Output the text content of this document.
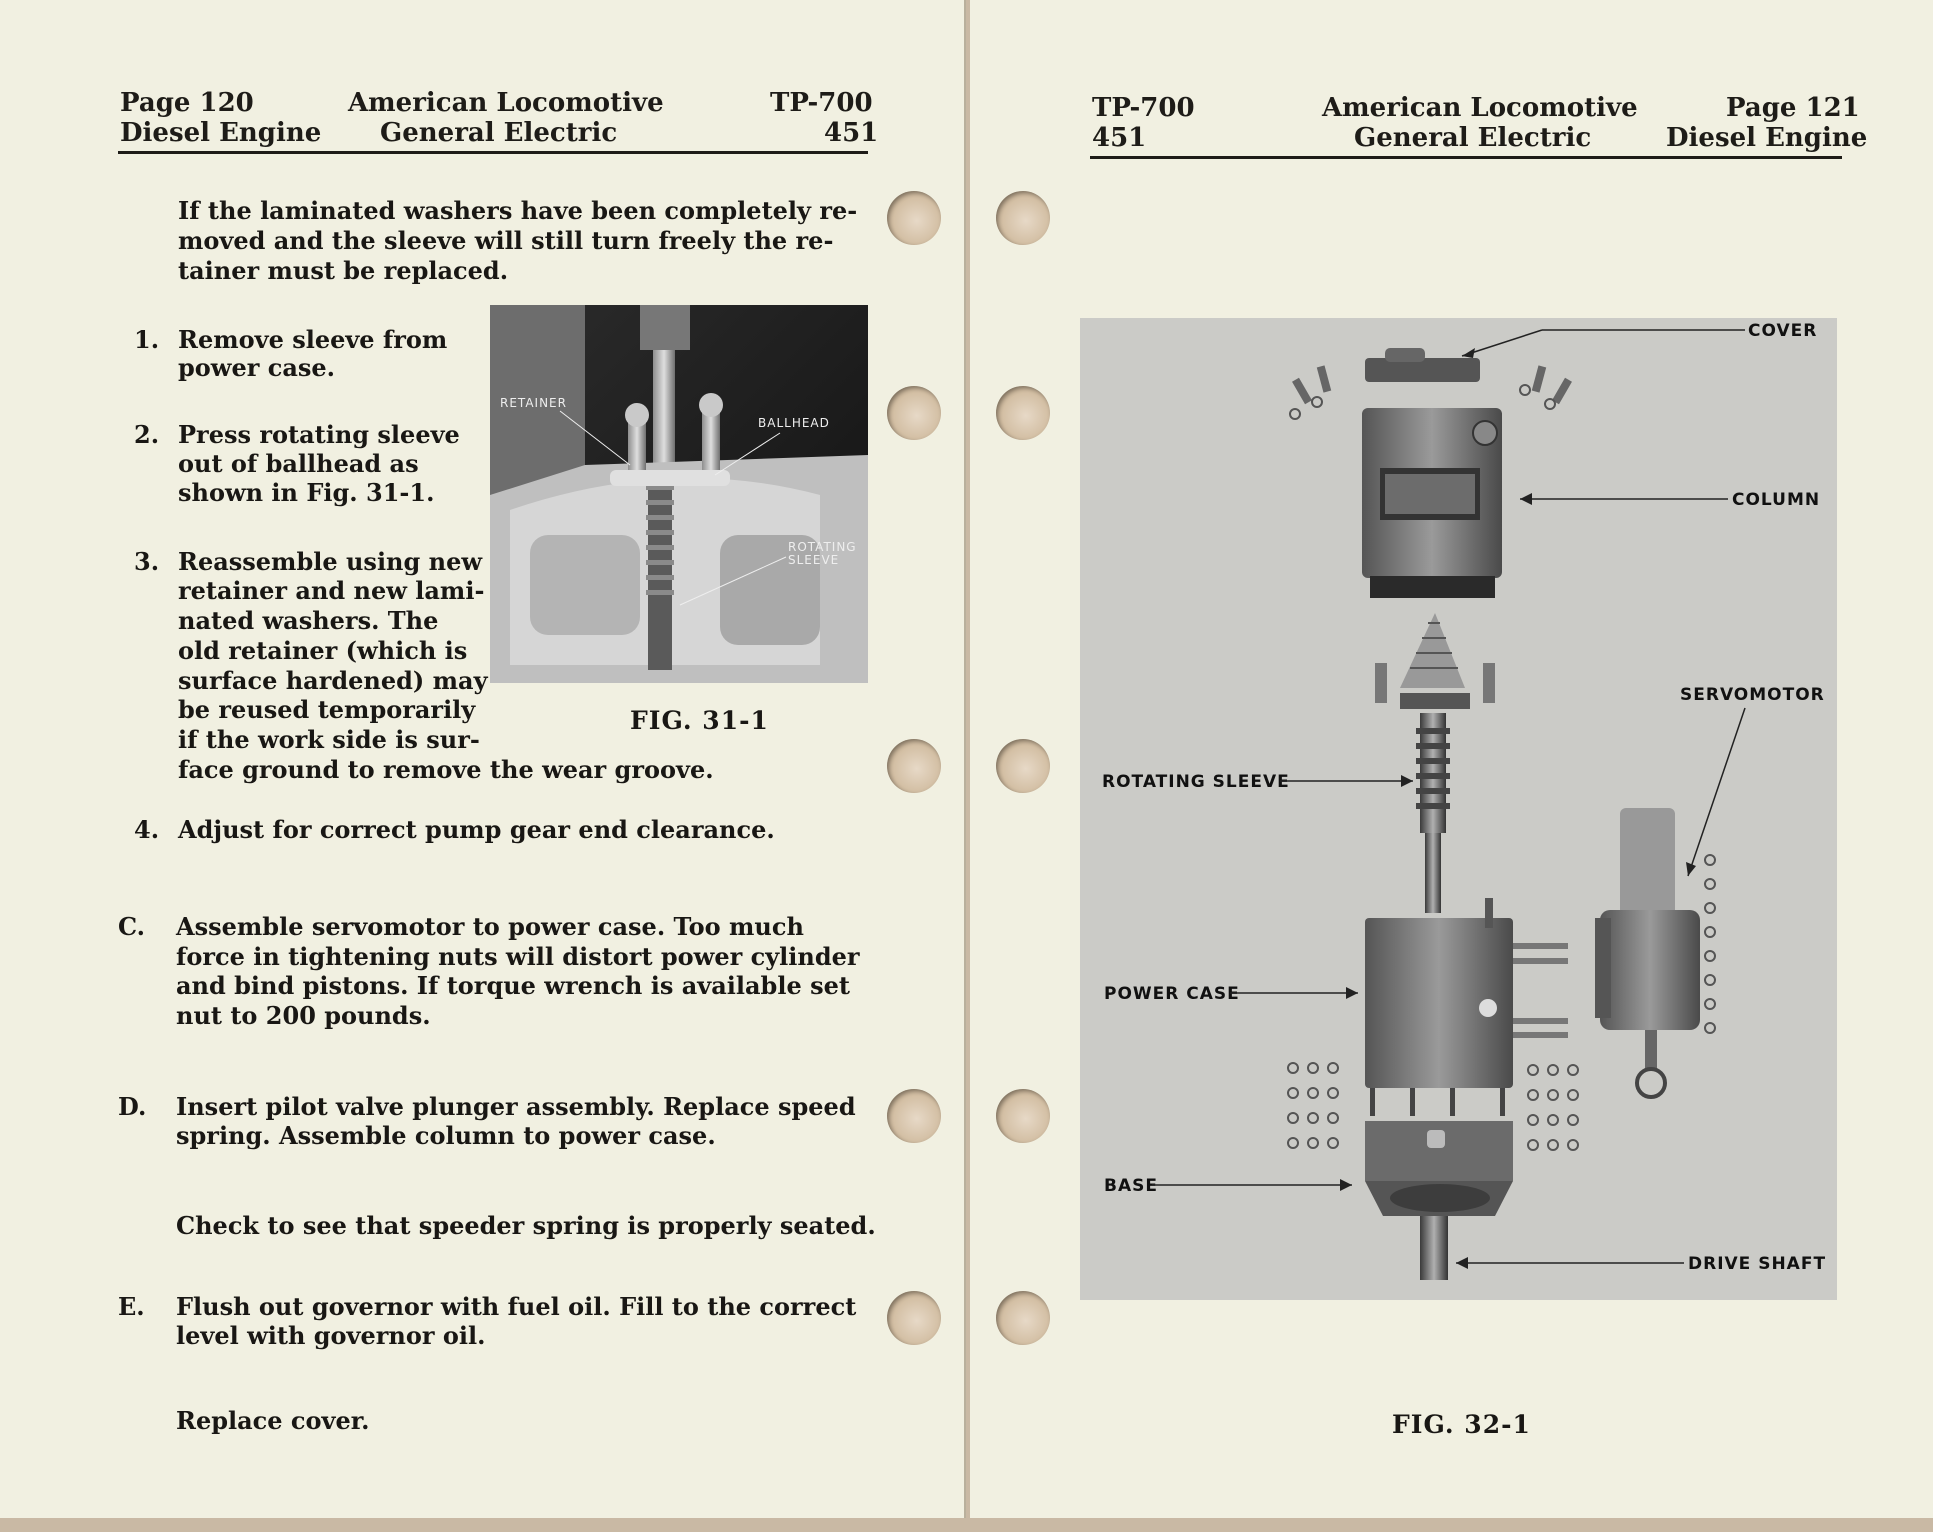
Page 120
Diesel Engine
American Locomotive
General Electric
TP-700
451
If the laminated washers have been completely re-
moved and the sleeve will still turn freely the re-
tainer must be replaced.
1. Remove sleeve from
power case.
2. Press rotating sleeve
out of ballhead as
shown in Fig. 31-1.
3. Reassemble using new
retainer and new lami-
nated washers. The
old retainer (which is
surface hardened) may
be reused temporarily
if the work side is sur-
face ground to remove the wear groove.
4. Adjust for correct pump gear end clearance.
C. Assemble servomotor to power case. Too much
force in tightening nuts will distort power cylinder
and bind pistons. If torque wrench is available set
nut to 200 pounds.
D. Insert pilot valve plunger assembly. Replace speed
spring. Assemble column to power case.
Check to see that speeder spring is properly seated.
E. Flush out governor with fuel oil. Fill to the correct
level with governor oil.
Replace cover.
RETAINER
BALLHEAD
ROTATING
SLEEVE
FIG. 31-1
TP-700
451
American Locomotive
General Electric
Page 121
Diesel Engine
COVER
COLUMN
SERVOMOTOR
ROTATING SLEEVE
POWER CASE
BASE
DRIVE SHAFT
FIG. 32-1
